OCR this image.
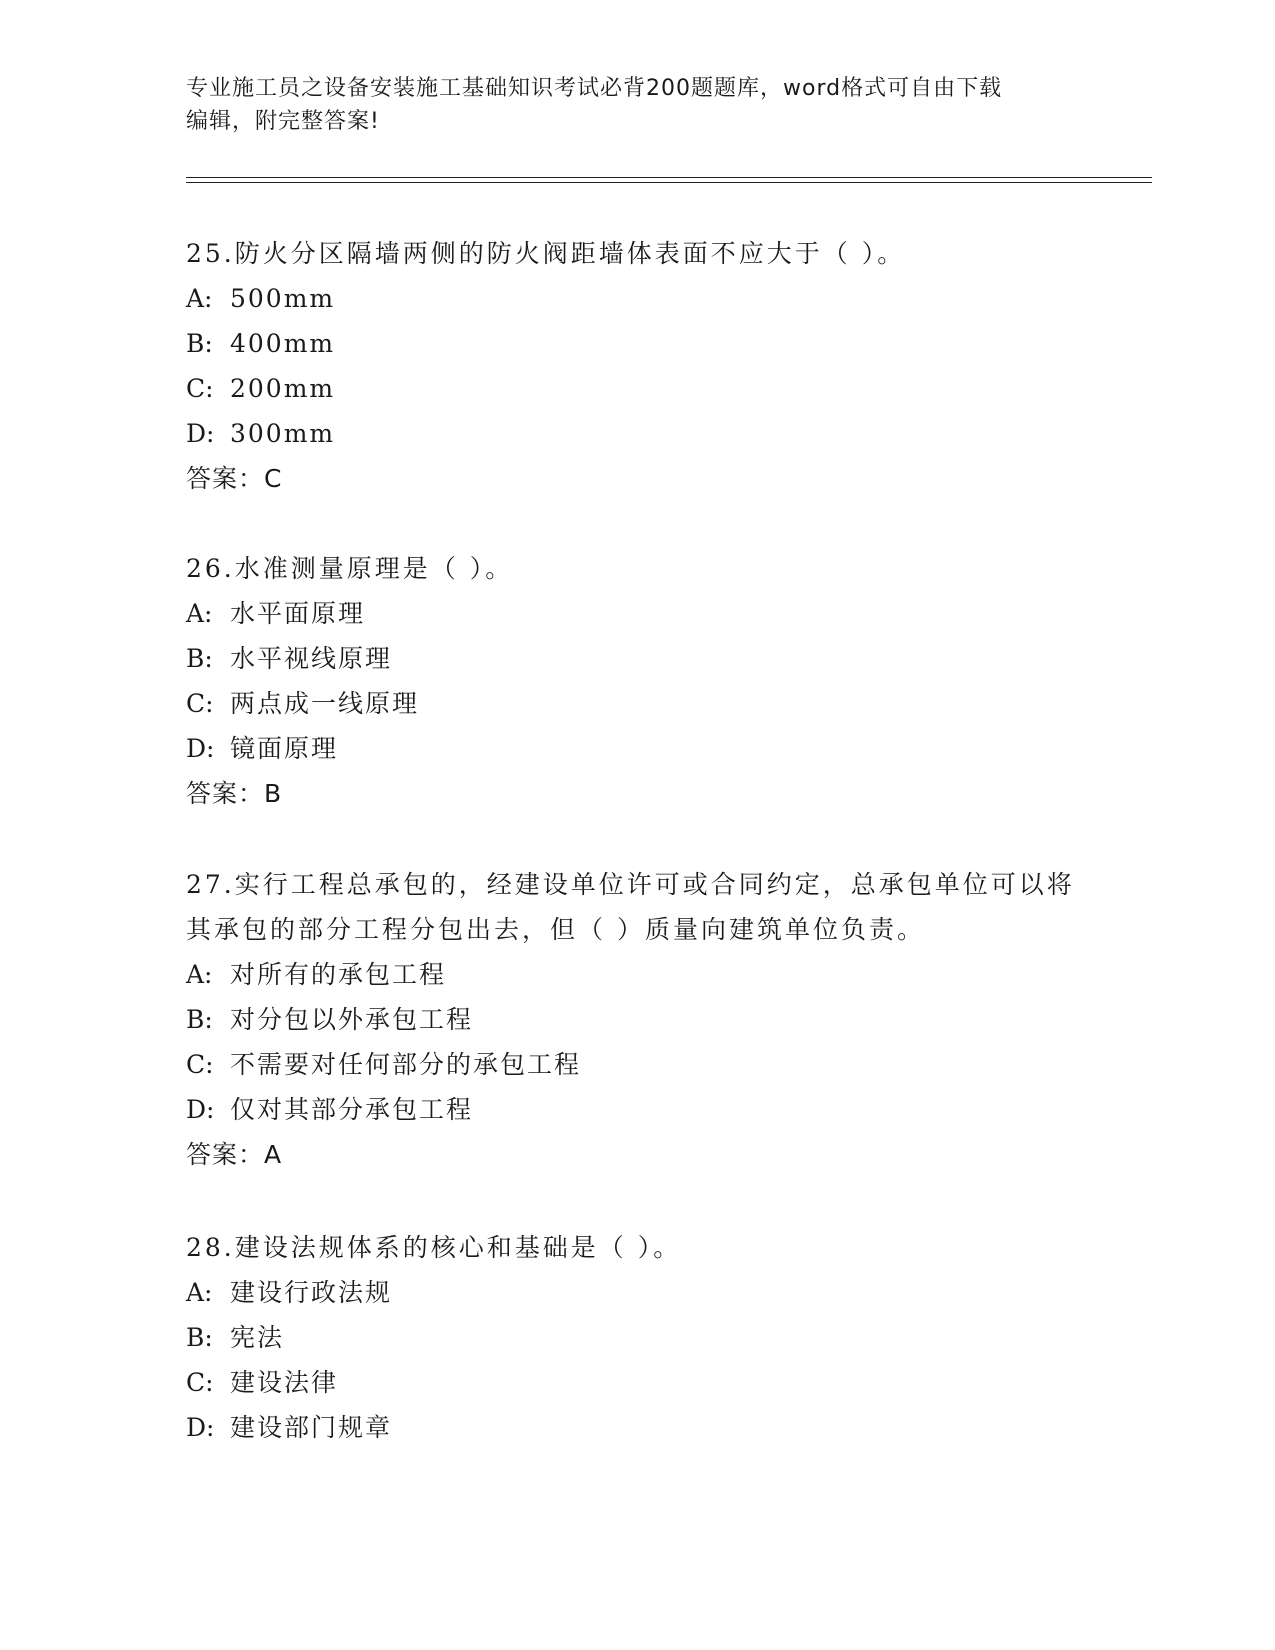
专业施工员之设备安装施工基础知识考试必背200题题库，word格式可自由下载
编辑，附完整答案!

25.防火分区隔墙两侧的防火阀距墙体表面不应大于（ ）。

A: 500mm

B: 400mm

C: 200mm

D: 300mm

答案：C

26.水准测量原理是（ ）。

A: 水平面原理

B: 水平视线原理

C: 两点成一线原理

D: 镜面原理

答案：B

27.实行工程总承包的，经建设单位许可或合同约定，总承包单位可以将其承包的部分工程分包出去，但（ ）质量向建筑单位负责。

A: 对所有的承包工程

B: 对分包以外承包工程

C: 不需要对任何部分的承包工程

D: 仅对其部分承包工程

答案：A

28.建设法规体系的核心和基础是（ ）。

A: 建设行政法规

B: 宪法

C: 建设法律

D: 建设部门规章
